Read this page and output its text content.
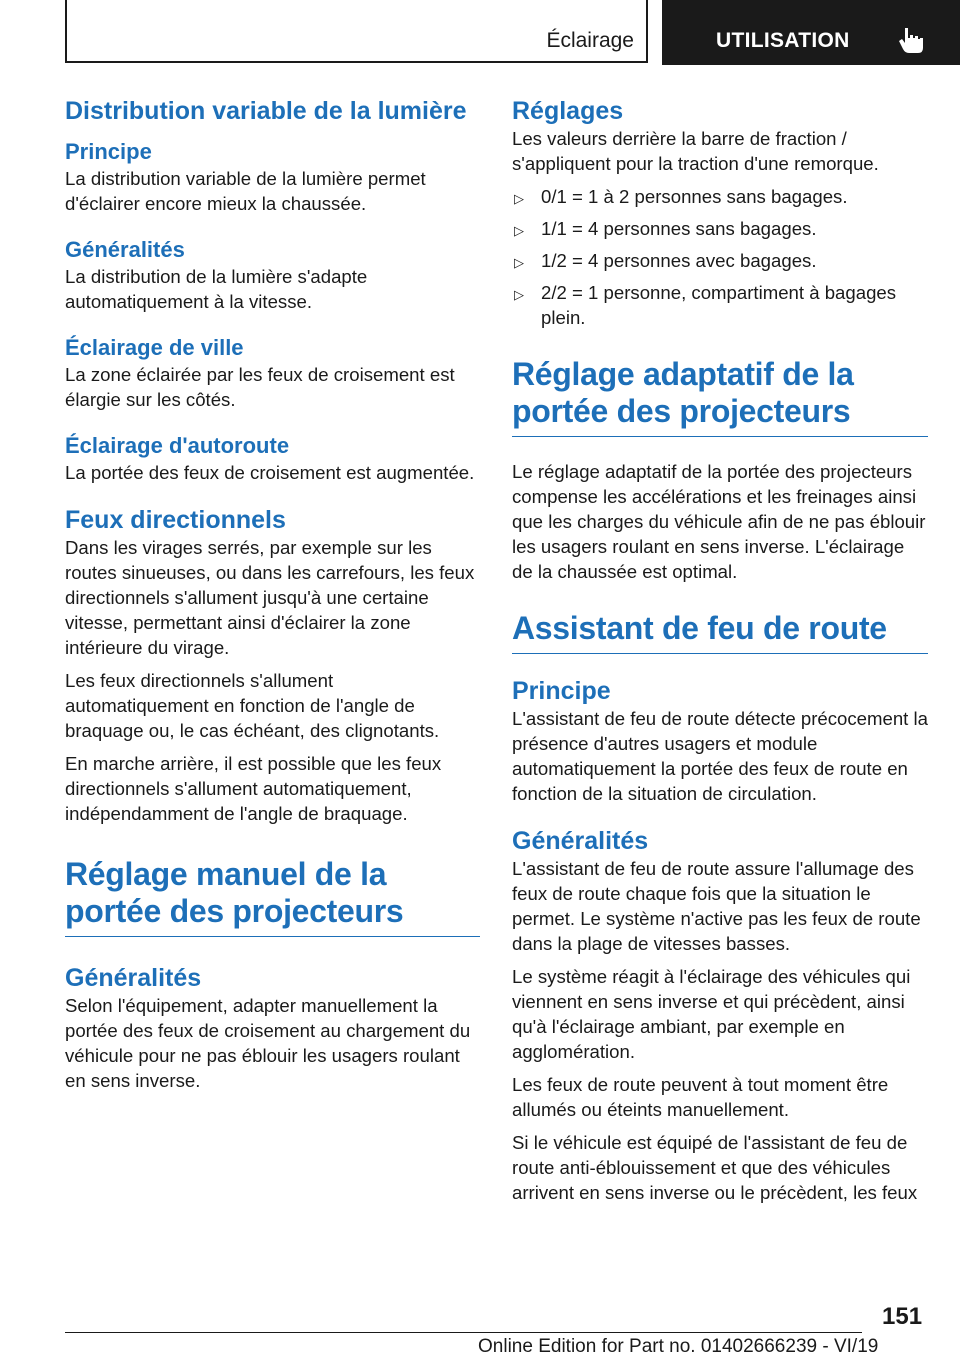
Éclairage	UTILISATION
Distribution variable de la lumière
Principe

La distribution variable de la lumière permet d'éclairer encore mieux la chaussée.

Généralités

La distribution de la lumière s'adapte automatiquement à la vitesse.

Éclairage de ville

La zone éclairée par les feux de croisement est élargie sur les côtés.

Éclairage d'autoroute

La portée des feux de croisement est augmentée.

Feux directionnels

Dans les virages serrés, par exemple sur les routes sinueuses, ou dans les carrefours, les feux directionnels s'allument jusqu'à une certaine vitesse, permettant ainsi d'éclairer la zone intérieure du virage.

Les feux directionnels s'allument automatiquement en fonction de l'angle de braquage ou, le cas échéant, des clignotants.

En marche arrière, il est possible que les feux directionnels s'allument automatiquement, indépendamment de l'angle de braquage.

Réglage manuel de la portée des projecteurs
Généralités

Selon l'équipement, adapter manuellement la portée des feux de croisement au chargement du véhicule pour ne pas éblouir les usagers roulant en sens inverse.

Réglages

Les valeurs derrière la barre de fraction / s'appliquent pour la traction d'une remorque.

▷ 0/1 = 1 à 2 personnes sans bagages.
▷ 1/1 = 4 personnes sans bagages.
▷ 1/2 = 4 personnes avec bagages.
▷ 2/2 = 1 personne, compartiment à bagages plein.
Réglage adaptatif de la portée des projecteurs

Le réglage adaptatif de la portée des projecteurs compense les accélérations et les freinages ainsi que les charges du véhicule afin de ne pas éblouir les usagers roulant en sens inverse. L'éclairage de la chaussée est optimal.

Assistant de feu de route
Principe

L'assistant de feu de route détecte précocement la présence d'autres usagers et module automatiquement la portée des feux de route en fonction de la situation de circulation.

Généralités

L'assistant de feu de route assure l'allumage des feux de route chaque fois que la situation le permet. Le système n'active pas les feux de route dans la plage de vitesses basses.

Le système réagit à l'éclairage des véhicules qui viennent en sens inverse et qui précèdent, ainsi qu'à l'éclairage ambiant, par exemple en agglomération.

Les feux de route peuvent à tout moment être allumés ou éteints manuellement.

Si le véhicule est équipé de l'assistant de feu de route anti-éblouissement et que des véhicules arrivent en sens inverse ou le précèdent, les feux

151
Online Edition for Part no. 01402666239 - VI/19
